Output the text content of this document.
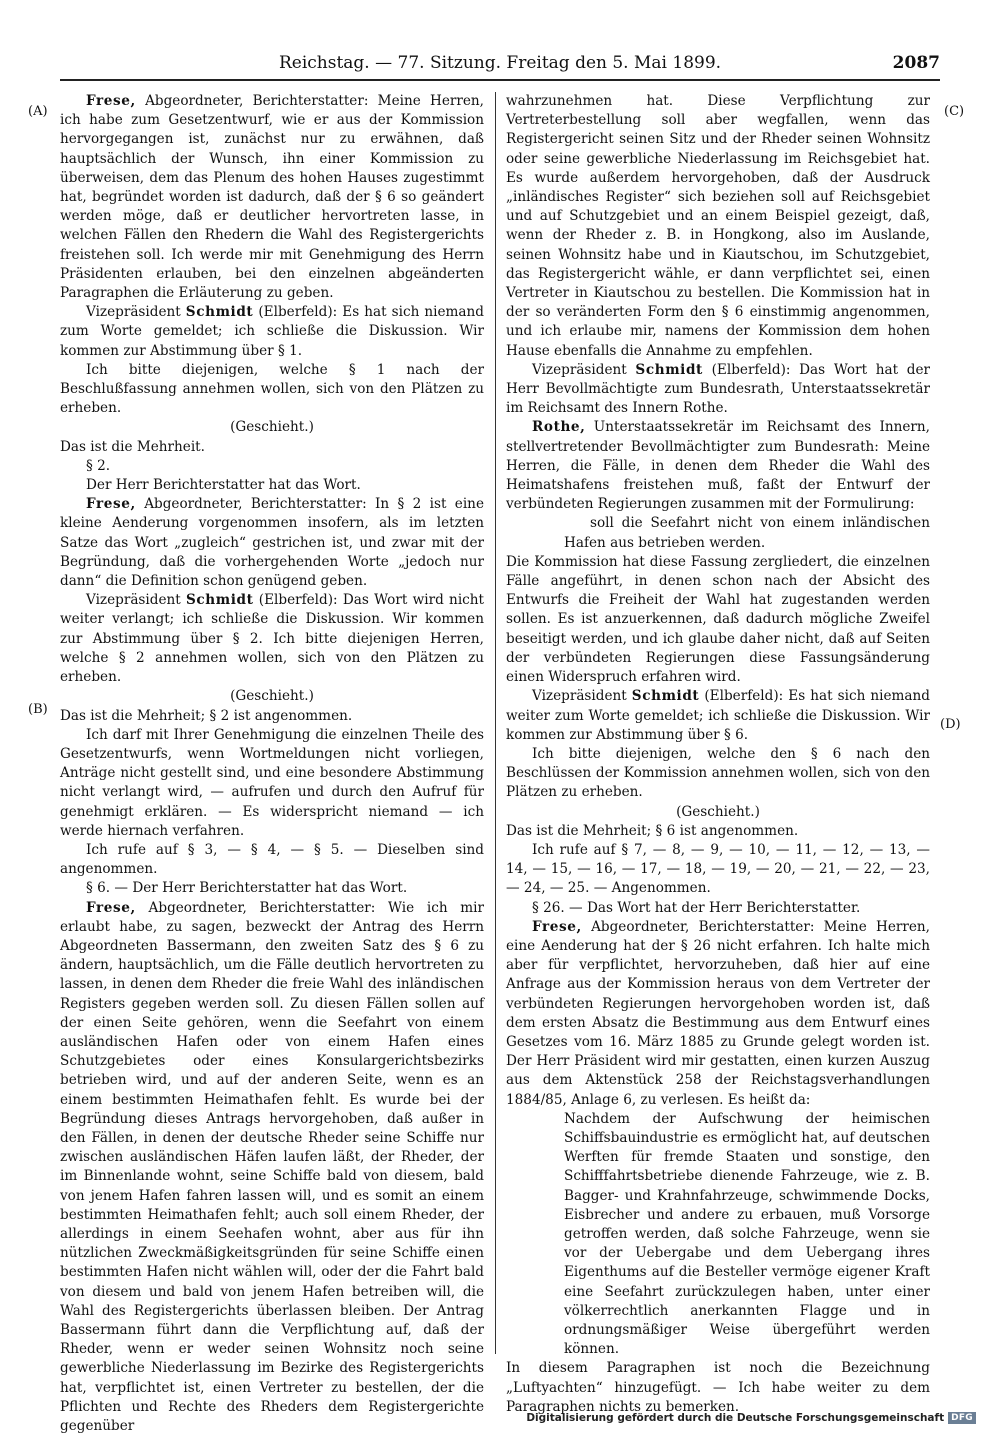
Reichstag. — 77. Sitzung. Freitag den 5. Mai 1899.	2087
(A)
(B)
(C)
(D)

Frese, Abgeordneter, Berichterstatter: Meine Herren, ich habe zum Gesetzentwurf, wie er aus der Kommission hervorgegangen ist, zunächst nur zu erwähnen, daß hauptsächlich der Wunsch, ihn einer Kommission zu überweisen, dem das Plenum des hohen Hauses zugestimmt hat, begründet worden ist dadurch, daß der § 6 so geändert werden möge, daß er deutlicher hervortreten lasse, in welchen Fällen den Rhedern die Wahl des Registergerichts freistehen soll. Ich werde mir mit Genehmigung des Herrn Präsidenten erlauben, bei den einzelnen abgeänderten Paragraphen die Erläuterung zu geben.

Vizepräsident Schmidt (Elberfeld): Es hat sich niemand zum Worte gemeldet; ich schließe die Diskussion. Wir kommen zur Abstimmung über § 1.

Ich bitte diejenigen, welche § 1 nach der Beschlußfassung annehmen wollen, sich von den Plätzen zu erheben.

(Geschieht.)

Das ist die Mehrheit.

§ 2.

Der Herr Berichterstatter hat das Wort.

Frese, Abgeordneter, Berichterstatter: In § 2 ist eine kleine Aenderung vorgenommen insofern, als im letzten Satze das Wort „zugleich“ gestrichen ist, und zwar mit der Begründung, daß die vorhergehenden Worte „jedoch nur dann“ die Definition schon genügend geben.

Vizepräsident Schmidt (Elberfeld): Das Wort wird nicht weiter verlangt; ich schließe die Diskussion. Wir kommen zur Abstimmung über § 2. Ich bitte diejenigen Herren, welche § 2 annehmen wollen, sich von den Plätzen zu erheben.

(Geschieht.)

Das ist die Mehrheit; § 2 ist angenommen.

Ich darf mit Ihrer Genehmigung die einzelnen Theile des Gesetzentwurfs, wenn Wortmeldungen nicht vorliegen, Anträge nicht gestellt sind, und eine besondere Abstimmung nicht verlangt wird, — aufrufen und durch den Aufruf für genehmigt erklären. — Es widerspricht niemand — ich werde hiernach verfahren.

Ich rufe auf § 3, — § 4, — § 5. — Dieselben sind angenommen.

§ 6. — Der Herr Berichterstatter hat das Wort.

Frese, Abgeordneter, Berichterstatter: Wie ich mir erlaubt habe, zu sagen, bezweckt der Antrag des Herrn Abgeordneten Bassermann, den zweiten Satz des § 6 zu ändern, hauptsächlich, um die Fälle deutlich hervortreten zu lassen, in denen dem Rheder die freie Wahl des inländischen Registers gegeben werden soll. Zu diesen Fällen sollen auf der einen Seite gehören, wenn die Seefahrt von einem ausländischen Hafen oder von einem Hafen eines Schutzgebietes oder eines Konsulargerichtsbezirks betrieben wird, und auf der anderen Seite, wenn es an einem bestimmten Heimathafen fehlt. Es wurde bei der Begründung dieses Antrags hervorgehoben, daß außer in den Fällen, in denen der deutsche Rheder seine Schiffe nur zwischen ausländischen Häfen laufen läßt, der Rheder, der im Binnenlande wohnt, seine Schiffe bald von diesem, bald von jenem Hafen fahren lassen will, und es somit an einem bestimmten Heimathafen fehlt; auch soll einem Rheder, der allerdings in einem Seehafen wohnt, aber aus für ihn nützlichen Zweckmäßigkeitsgründen für seine Schiffe einen bestimmten Hafen nicht wählen will, oder der die Fahrt bald von diesem und bald von jenem Hafen betreiben will, die Wahl des Registergerichts überlassen bleiben. Der Antrag Bassermann führt dann die Verpflichtung auf, daß der Rheder, wenn er weder seinen Wohnsitz noch seine gewerbliche Niederlassung im Bezirke des Registergerichts hat, verpflichtet ist, einen Vertreter zu bestellen, der die Pflichten und Rechte des Rheders dem Registergerichte gegenüber

wahrzunehmen hat. Diese Verpflichtung zur Vertreterbestellung soll aber wegfallen, wenn das Registergericht seinen Sitz und der Rheder seinen Wohnsitz oder seine gewerbliche Niederlassung im Reichsgebiet hat. Es wurde außerdem hervorgehoben, daß der Ausdruck „inländisches Register“ sich beziehen soll auf Reichsgebiet und auf Schutzgebiet und an einem Beispiel gezeigt, daß, wenn der Rheder z. B. in Hongkong, also im Auslande, seinen Wohnsitz habe und in Kiautschou, im Schutzgebiet, das Registergericht wähle, er dann verpflichtet sei, einen Vertreter in Kiautschou zu bestellen. Die Kommission hat in der so veränderten Form den § 6 einstimmig angenommen, und ich erlaube mir, namens der Kommission dem hohen Hause ebenfalls die Annahme zu empfehlen.

Vizepräsident Schmidt (Elberfeld): Das Wort hat der Herr Bevollmächtigte zum Bundesrath, Unterstaatssekretär im Reichsamt des Innern Rothe.

Rothe, Unterstaatssekretär im Reichsamt des Innern, stellvertretender Bevollmächtigter zum Bundesrath: Meine Herren, die Fälle, in denen dem Rheder die Wahl des Heimatshafens freistehen muß, faßt der Entwurf der verbündeten Regierungen zusammen mit der Formulirung:

soll die Seefahrt nicht von einem inländischen Hafen aus betrieben werden.

Die Kommission hat diese Fassung zergliedert, die einzelnen Fälle angeführt, in denen schon nach der Absicht des Entwurfs die Freiheit der Wahl hat zugestanden werden sollen. Es ist anzuerkennen, daß dadurch mögliche Zweifel beseitigt werden, und ich glaube daher nicht, daß auf Seiten der verbündeten Regierungen diese Fassungsänderung einen Widerspruch erfahren wird.

Vizepräsident Schmidt (Elberfeld): Es hat sich niemand weiter zum Worte gemeldet; ich schließe die Diskussion. Wir kommen zur Abstimmung über § 6.

Ich bitte diejenigen, welche den § 6 nach den Beschlüssen der Kommission annehmen wollen, sich von den Plätzen zu erheben.

(Geschieht.)

Das ist die Mehrheit; § 6 ist angenommen.

Ich rufe auf § 7, — 8, — 9, — 10, — 11, — 12, — 13, — 14, — 15, — 16, — 17, — 18, — 19, — 20, — 21, — 22, — 23, — 24, — 25. — Angenommen.

§ 26. — Das Wort hat der Herr Berichterstatter.

Frese, Abgeordneter, Berichterstatter: Meine Herren, eine Aenderung hat der § 26 nicht erfahren. Ich halte mich aber für verpflichtet, hervorzuheben, daß hier auf eine Anfrage aus der Kommission heraus von dem Vertreter der verbündeten Regierungen hervorgehoben worden ist, daß dem ersten Absatz die Bestimmung aus dem Entwurf eines Gesetzes vom 16. März 1885 zu Grunde gelegt worden ist. Der Herr Präsident wird mir gestatten, einen kurzen Auszug aus dem Aktenstück 258 der Reichstagsverhandlungen 1884/85, Anlage 6, zu verlesen. Es heißt da:

Nachdem der Aufschwung der heimischen Schiffsbauindustrie es ermöglicht hat, auf deutschen Werften für fremde Staaten und sonstige, den Schifffahrtsbetriebe dienende Fahrzeuge, wie z. B. Bagger- und Krahnfahrzeuge, schwimmende Docks, Eisbrecher und andere zu erbauen, muß Vorsorge getroffen werden, daß solche Fahrzeuge, wenn sie vor der Uebergabe und dem Uebergang ihres Eigenthums auf die Besteller vermöge eigener Kraft eine Seefahrt zurückzulegen haben, unter einer völkerrechtlich anerkannten Flagge und in ordnungsmäßiger Weise übergeführt werden können.

In diesem Paragraphen ist noch die Bezeichnung „Luftyachten“ hinzugefügt. — Ich habe weiter zu dem Paragraphen nichts zu bemerken.

Digitalisierung gefördert durch die Deutsche Forschungsgemeinschaft DFG
